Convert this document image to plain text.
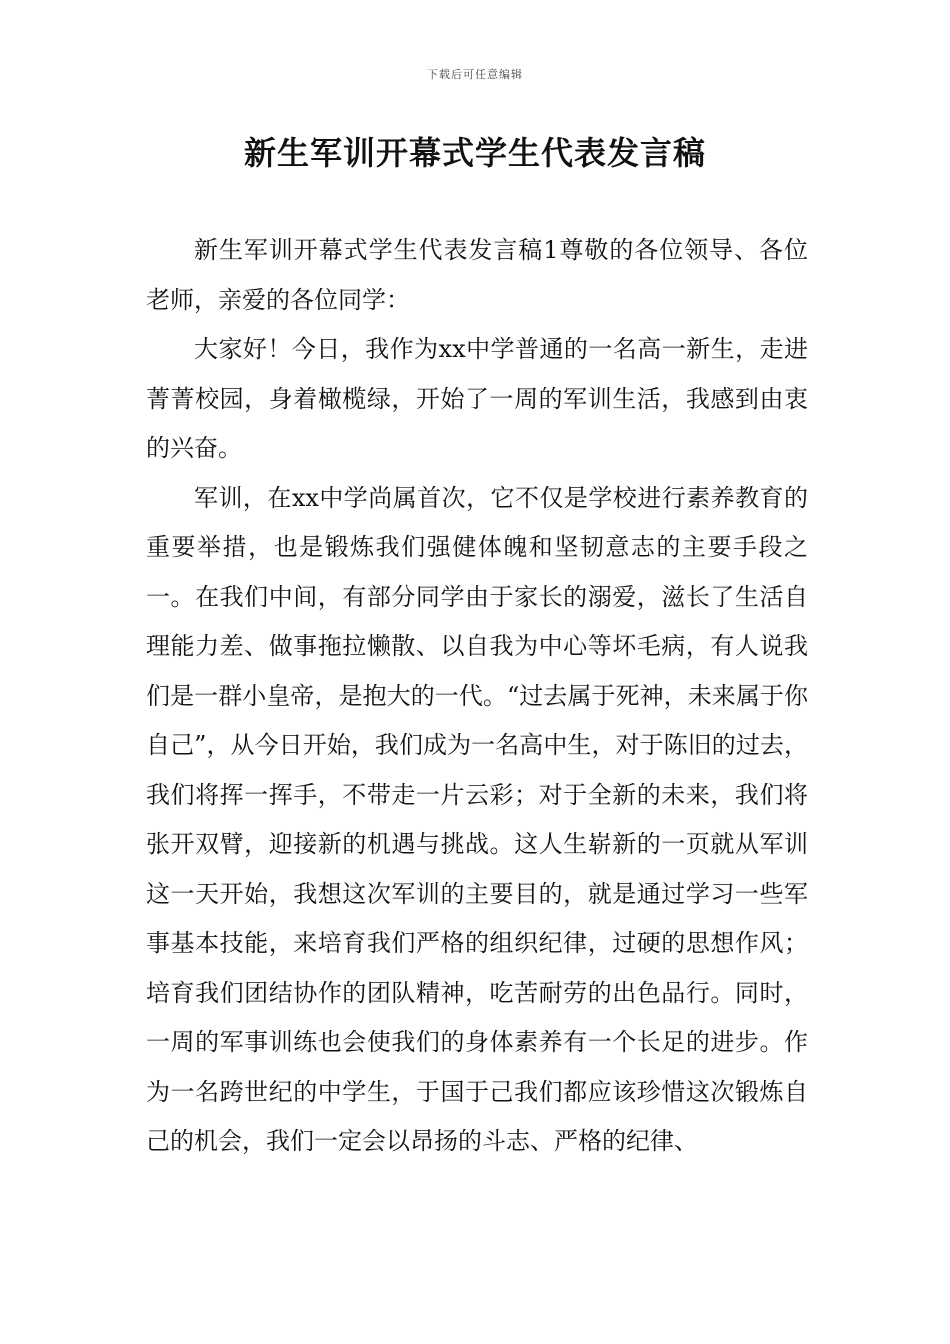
下载后可任意编辑
新生军训开幕式学生代表发言稿

新生军训开幕式学生代表发言稿1尊敬的各位领导、各位老师，亲爱的各位同学：

大家好！今日，我作为xx中学普通的一名高一新生，走进菁菁校园，身着橄榄绿，开始了一周的军训生活，我感到由衷的兴奋。

军训，在xx中学尚属首次，它不仅是学校进行素养教育的重要举措，也是锻炼我们强健体魄和坚韧意志的主要手段之一。在我们中间，有部分同学由于家长的溺爱，滋长了生活自理能力差、做事拖拉懒散、以自我为中心等坏毛病，有人说我们是一群小皇帝，是抱大的一代。“过去属于死神，未来属于你自己”，从今日开始，我们成为一名高中生，对于陈旧的过去，我们将挥一挥手，不带走一片云彩；对于全新的未来，我们将张开双臂，迎接新的机遇与挑战。这人生崭新的一页就从军训这一天开始，我想这次军训的主要目的，就是通过学习一些军事基本技能，来培育我们严格的组织纪律，过硬的思想作风；培育我们团结协作的团队精神，吃苦耐劳的出色品行。同时，一周的军事训练也会使我们的身体素养有一个长足的进步。作为一名跨世纪的中学生，于国于己我们都应该珍惜这次锻炼自己的机会，我们一定会以昂扬的斗志、严格的纪律、
